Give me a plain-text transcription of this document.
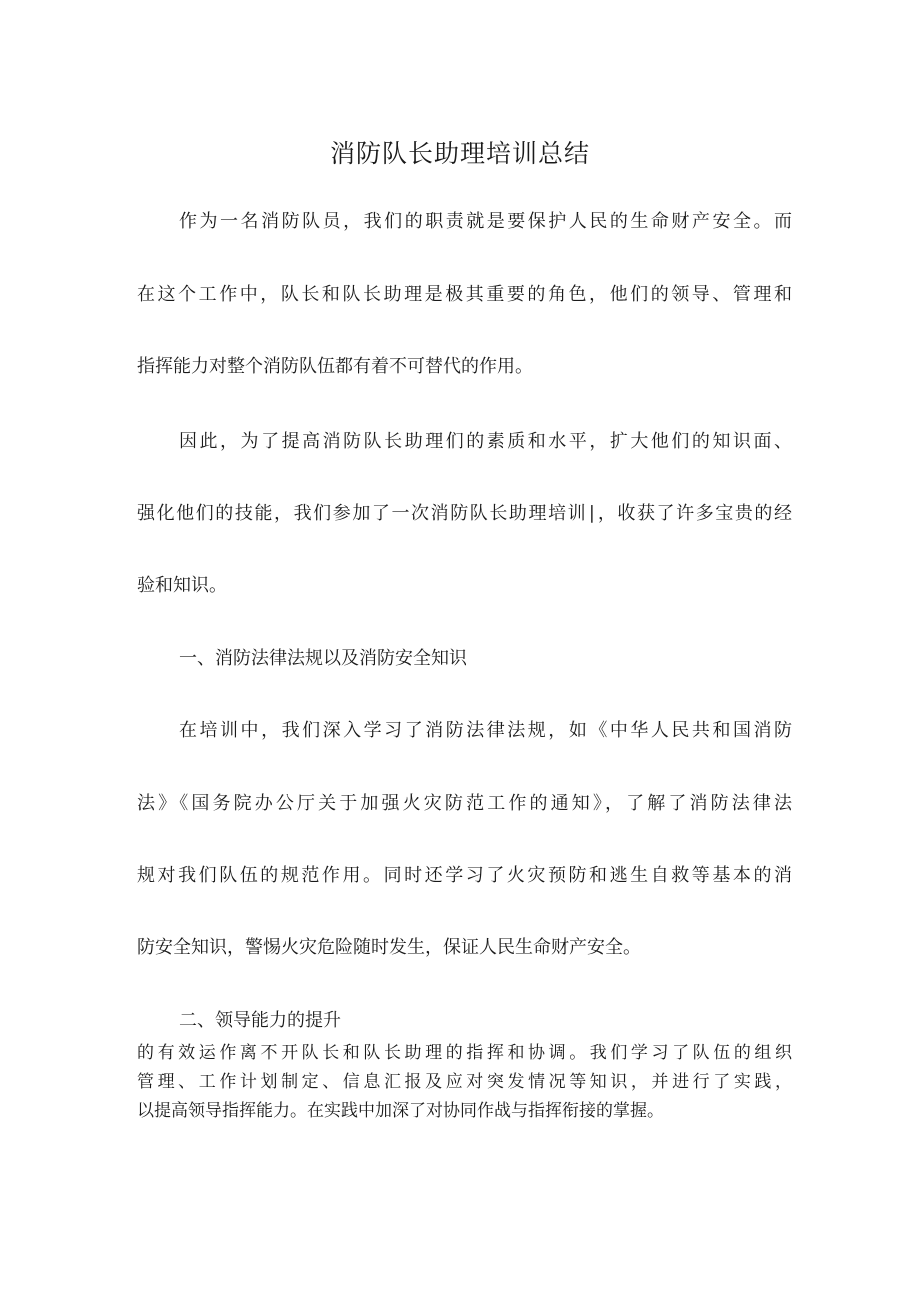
消防队长助理培训总结
作为一名消防队员，我们的职责就是要保护人民的生命财产安全。而
在这个工作中，队长和队长助理是极其重要的角色，他们的领导、管理和
指挥能力对整个消防队伍都有着不可替代的作用。
因此，为了提高消防队长助理们的素质和水平，扩大他们的知识面、
强化他们的技能，我们参加了一次消防队长助理培训∣，收获了许多宝贵的经
验和知识。
一、消防法律法规以及消防安全知识
在培训中，我们深入学习了消防法律法规，如《中华人民共和国消防
法》《国务院办公厅关于加强火灾防范工作的通知》，了解了消防法律法
规对我们队伍的规范作用。同时还学习了火灾预防和逃生自救等基本的消
防安全知识，警惕火灾危险随时发生，保证人民生命财产安全。
二、领导能力的提升
的有效运作离不开队长和队长助理的指挥和协调。我们学习了队伍的组织
管理、工作计划制定、信息汇报及应对突发情况等知识，并进行了实践，
以提高领导指挥能力。在实践中加深了对协同作战与指挥衔接的掌握。
